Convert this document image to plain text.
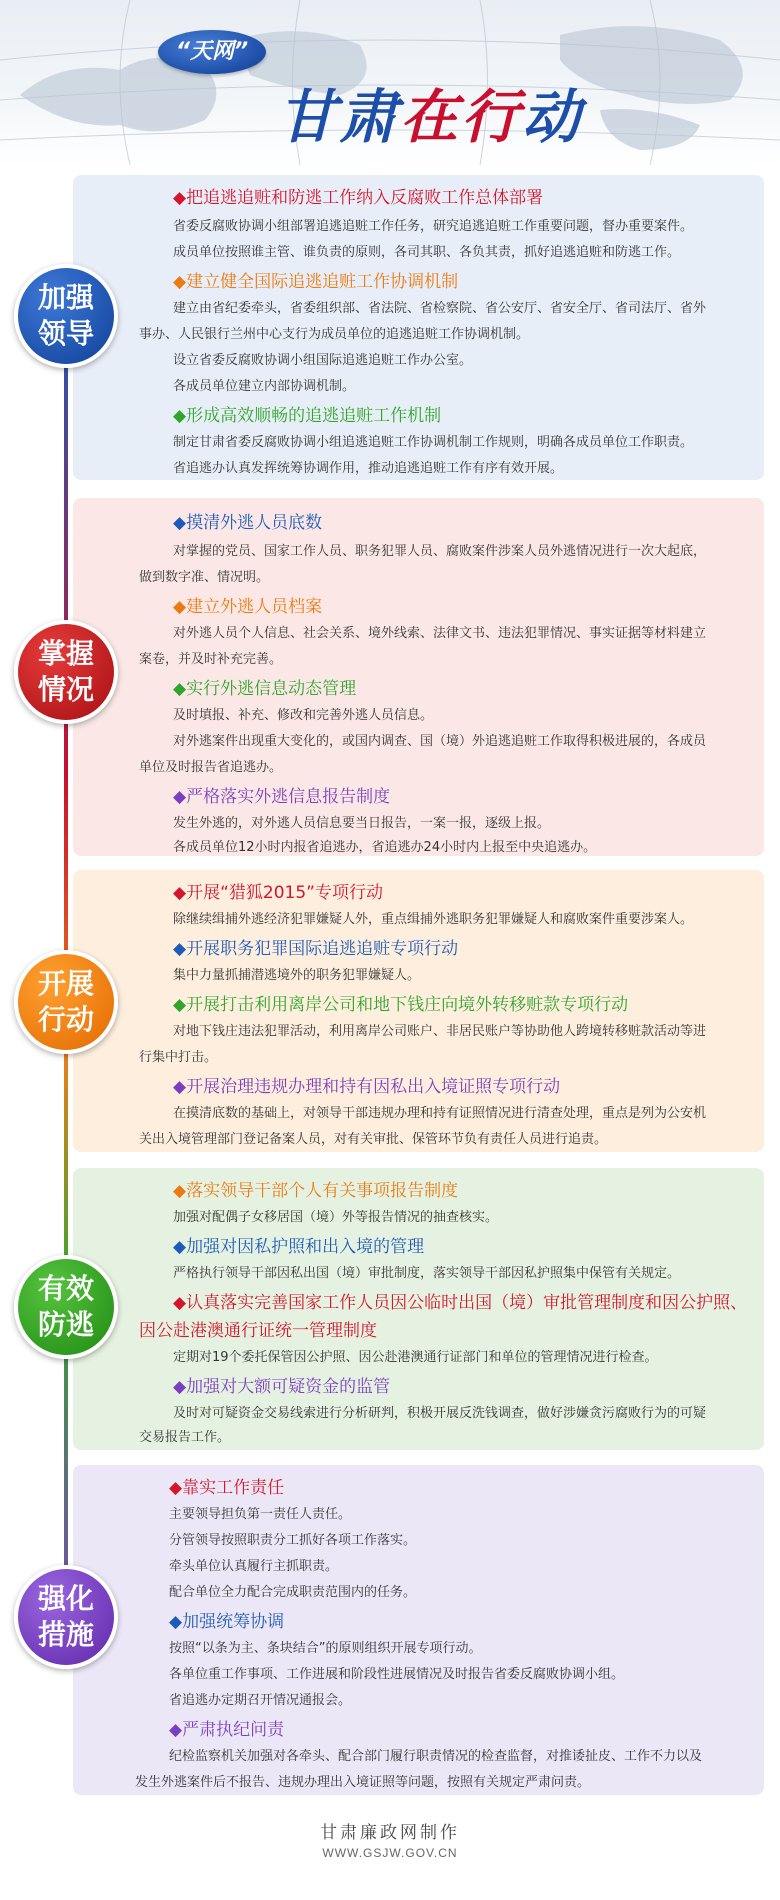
“天网”
甘肃在行动
◆把追逃追赃和防逃工作纳入反腐败工作总体部署
省委反腐败协调小组部署追逃追赃工作任务，研究追逃追赃工作重要问题，督办重要案件。
成员单位按照谁主管、谁负责的原则，各司其职、各负其责，抓好追逃追赃和防逃工作。
◆建立健全国际追逃追赃工作协调机制
建立由省纪委牵头，省委组织部、省法院、省检察院、省公安厅、省安全厅、省司法厅、省外
事办、人民银行兰州中心支行为成员单位的追逃追赃工作协调机制。
设立省委反腐败协调小组国际追逃追赃工作办公室。
各成员单位建立内部协调机制。
◆形成高效顺畅的追逃追赃工作机制
制定甘肃省委反腐败协调小组追逃追赃工作协调机制工作规则，明确各成员单位工作职责。
省追逃办认真发挥统筹协调作用，推动追逃追赃工作有序有效开展。
加强
领导
◆摸清外逃人员底数
对掌握的党员、国家工作人员、职务犯罪人员、腐败案件涉案人员外逃情况进行一次大起底，
做到数字准、情况明。
◆建立外逃人员档案
对外逃人员个人信息、社会关系、境外线索、法律文书、违法犯罪情况、事实证据等材料建立
案卷，并及时补充完善。
◆实行外逃信息动态管理
及时填报、补充、修改和完善外逃人员信息。
对外逃案件出现重大变化的，或国内调查、国（境）外追逃追赃工作取得积极进展的，各成员
单位及时报告省追逃办。
◆严格落实外逃信息报告制度
发生外逃的，对外逃人员信息要当日报告，一案一报，逐级上报。
各成员单位12小时内报省追逃办，省追逃办24小时内上报至中央追逃办。
掌握
情况
◆开展“猎狐2015”专项行动
除继续缉捕外逃经济犯罪嫌疑人外，重点缉捕外逃职务犯罪嫌疑人和腐败案件重要涉案人。
◆开展职务犯罪国际追逃追赃专项行动
集中力量抓捕潜逃境外的职务犯罪嫌疑人。
◆开展打击利用离岸公司和地下钱庄向境外转移赃款专项行动
对地下钱庄违法犯罪活动，利用离岸公司账户、非居民账户等协助他人跨境转移赃款活动等进
行集中打击。
◆开展治理违规办理和持有因私出入境证照专项行动
在摸清底数的基础上，对领导干部违规办理和持有证照情况进行清查处理，重点是列为公安机
关出入境管理部门登记备案人员，对有关审批、保管环节负有责任人员进行追责。
开展
行动
◆落实领导干部个人有关事项报告制度
加强对配偶子女移居国（境）外等报告情况的抽查核实。
◆加强对因私护照和出入境的管理
严格执行领导干部因私出国（境）审批制度，落实领导干部因私护照集中保管有关规定。
◆认真落实完善国家工作人员因公临时出国（境）审批管理制度和因公护照、
因公赴港澳通行证统一管理制度
定期对19个委托保管因公护照、因公赴港澳通行证部门和单位的管理情况进行检查。
◆加强对大额可疑资金的监管
及时对可疑资金交易线索进行分析研判，积极开展反洗钱调查，做好涉嫌贪污腐败行为的可疑
交易报告工作。
有效
防逃
◆靠实工作责任
主要领导担负第一责任人责任。
分管领导按照职责分工抓好各项工作落实。
牵头单位认真履行主抓职责。
配合单位全力配合完成职责范围内的任务。
◆加强统筹协调
按照“以条为主、条块结合”的原则组织开展专项行动。
各单位重工作事项、工作进展和阶段性进展情况及时报告省委反腐败协调小组。
省追逃办定期召开情况通报会。
◆严肃执纪问责
纪检监察机关加强对各牵头、配合部门履行职责情况的检查监督，对推诿扯皮、工作不力以及
发生外逃案件后不报告、违规办理出入境证照等问题，按照有关规定严肃问责。
强化
措施
甘肃廉政网制作
WWW.GSJW.GOV.CN
